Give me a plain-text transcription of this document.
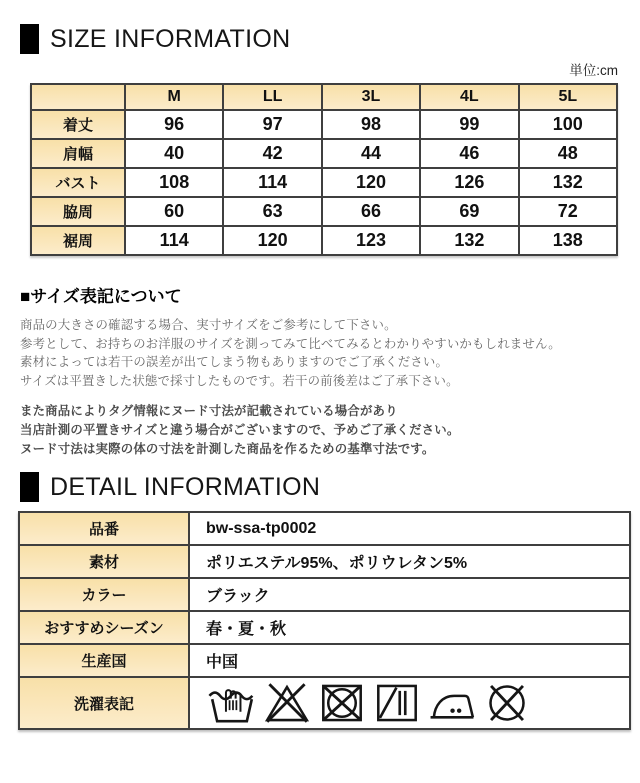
SIZE INFORMATION
単位:cm
	M	LL	3L	4L	5L
着丈	96	97	98	99	100
肩幅	40	42	44	46	48
バスト	108	114	120	126	132
脇周	60	63	66	69	72
裾周	114	120	123	132	138
■サイズ表記について

商品の大きさの確認する場合、実寸サイズをご参考にして下さい。
参考として、お持ちのお洋服のサイズを測ってみて比べてみるとわかりやすいかもしれません。
素材によっては若干の誤差が出てしまう物もありますのでご了承ください。
サイズは平置きした状態で採寸したものです。若干の前後差はご了承下さい。

また商品によりタグ情報にヌード寸法が記載されている場合があり
当店計測の平置きサイズと違う場合がございますので、予めご了承ください。
ヌード寸法は実際の体の寸法を計測した商品を作るための基準寸法です。

DETAIL INFORMATION
品番	bw-ssa-tp0002
素材	ポリエステル95%、ポリウレタン5%
カラー	ブラック
おすすめシーズン	春・夏・秋
生産国	中国
洗濯表記	
